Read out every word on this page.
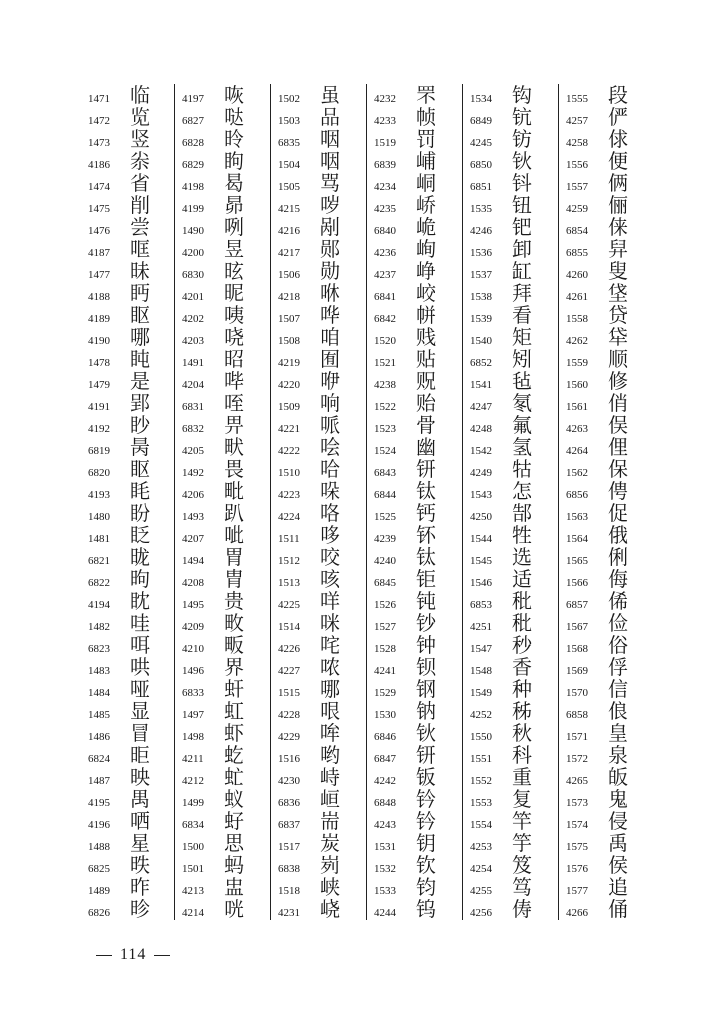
1471	临
1472	览
1473	竖
4186	尜
1474	省
1475	削
1476	尝
4187	哐
1477	昧
4188	眄
4189	眍
4190	哪
1478	盹
1479	是
4191	郢
4192	眇
6819	昺
6820	眍
4193	眊
1480	盼
1481	眨
6821	昽
6822	昫
4194	眈
1482	哇
6823	咡
1483	哄
1484	哑
1485	显
1486	冒
6824	昛
1487	映
4195	禺
4196	哂
1488	星
6825	昳
1489	昨
6826	昣
4197	咴
6827	哒
6828	昤
6829	眗
4198	曷
4199	昴
1490	咧
4200	昱
6830	昡
4201	昵
4202	咦
4203	哓
1491	昭
4204	哔
6831	咥
6832	畀
4205	畎
1492	畏
4206	毗
1493	趴
4207	呲
1494	胃
4208	胄
1495	贵
4209	畋
4210	畈
1496	界
6833	虷
1497	虹
1498	虾
4211	虼
4212	虻
1499	蚁
6834	虸
1500	思
1501	蚂
4213	盅
4214	咣
1502	虽
1503	品
6835	咽
1504	咽
1505	骂
4215	哕
4216	剐
4217	郧
1506	勋
4218	咻
1507	哗
1508	咱
4219	囿
4220	咿
1509	响
4221	哌
4222	哙
1510	哈
4223	哚
4224	咯
1511	哆
1512	咬
1513	咳
4225	咩
1514	咪
4226	咤
4227	哝
1515	哪
4228	哏
4229	哞
1516	哟
4230	峙
6836	峘
6837	耑
1517	炭
6838	峛
1518	峡
4231	峣
4232	罘
4233	帧
1519	罚
6839	峬
4234	峒
4235	峤
6840	峗
4236	峋
4237	峥
6841	峧
6842	帡
1520	贱
1521	贴
4238	贶
1522	贻
1523	骨
1524	幽
6843	钘
6844	钛
1525	钙
4239	钚
4240	钛
6845	钜
1526	钝
1527	钞
1528	钟
4241	钡
1529	钢
1530	钠
6846	钬
6847	钘
4242	钣
6848	钤
4243	钤
1531	钥
1532	钦
1533	钧
4244	钨
1534	钩
6849	钪
4245	钫
6850	钬
6851	钭
1535	钮
4246	钯
1536	卸
1537	缸
1538	拜
1539	看
1540	矩
6852	矧
1541	毡
4247	氡
4248	氟
1542	氢
4249	牯
1543	怎
4250	郜
1544	牲
1545	选
1546	适
6853	秕
4251	秕
1547	秒
1548	香
1549	种
4252	秭
1550	秋
1551	科
1552	重
1553	复
1554	竿
4253	竽
4254	笈
4255	笃
4256	俦
1555	段
4257	俨
4258	俅
1556	便
1557	俩
4259	俪
6854	俫
6855	舁
4260	叟
4261	垡
1558	贷
4262	牮
1559	顺
1560	修
1561	俏
4263	俣
4264	俚
1562	保
6856	俜
1563	促
1564	俄
1565	俐
1566	侮
6857	俙
1567	俭
1568	俗
1569	俘
1570	信
6858	俍
1571	皇
1572	泉
4265	皈
1573	鬼
1574	侵
1575	禹
1576	侯
1577	追
4266	俑
114
